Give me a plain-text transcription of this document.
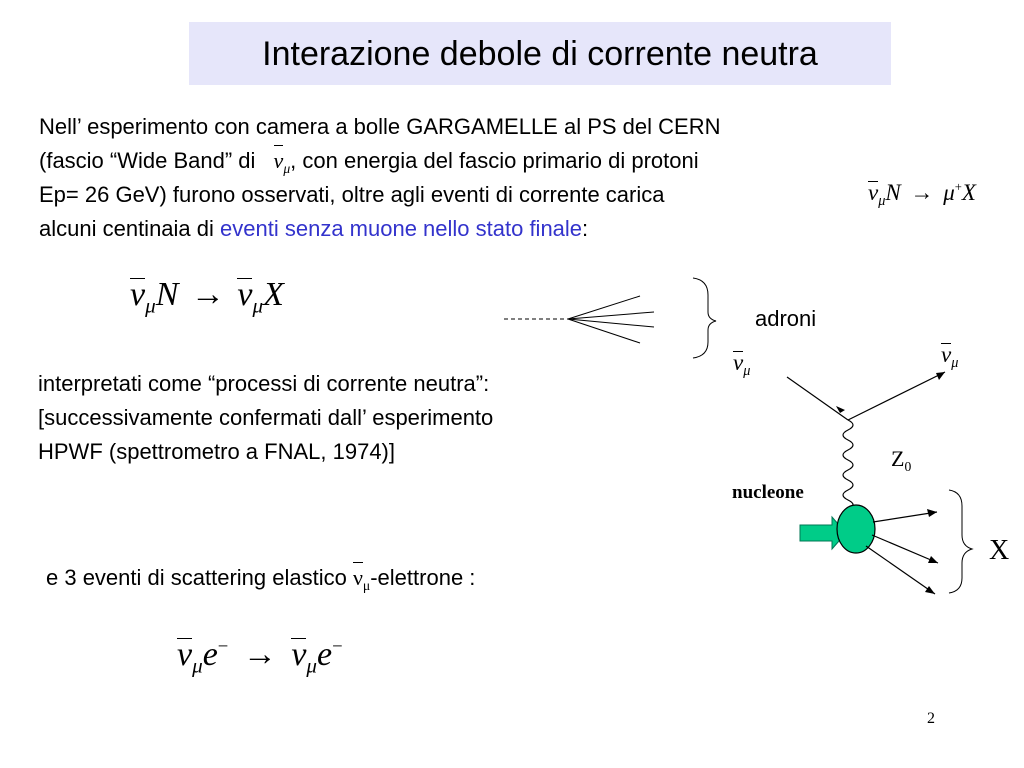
Interazione debole di corrente neutra
Nell’ esperimento con camera a bolle GARGAMELLE al PS del CERN
(fascio “Wide Band” di $\nu_\mu$, con energia del fascio primario di protoni
Ep= 26 GeV) furono osservati, oltre agli eventi di corrente carica
alcuni centinaia di eventi senza muone nello stato finale:
$\nu_\mu N \to \mu^+X$
$\nu_\mu N \to \nu_\mu X$
adroni
$\nu_\mu$
$\nu_\mu$
$Z_0$
nucleone
X
interpretati come “processi di corrente neutra”:
[successivamente confermati dall’ esperimento
HPWF (spettrometro a FNAL, 1974)]
e 3 eventi di scattering elastico $\nu_\mu$-elettrone :
$\nu_\mu e^- \to \nu_\mu e^-$
2
